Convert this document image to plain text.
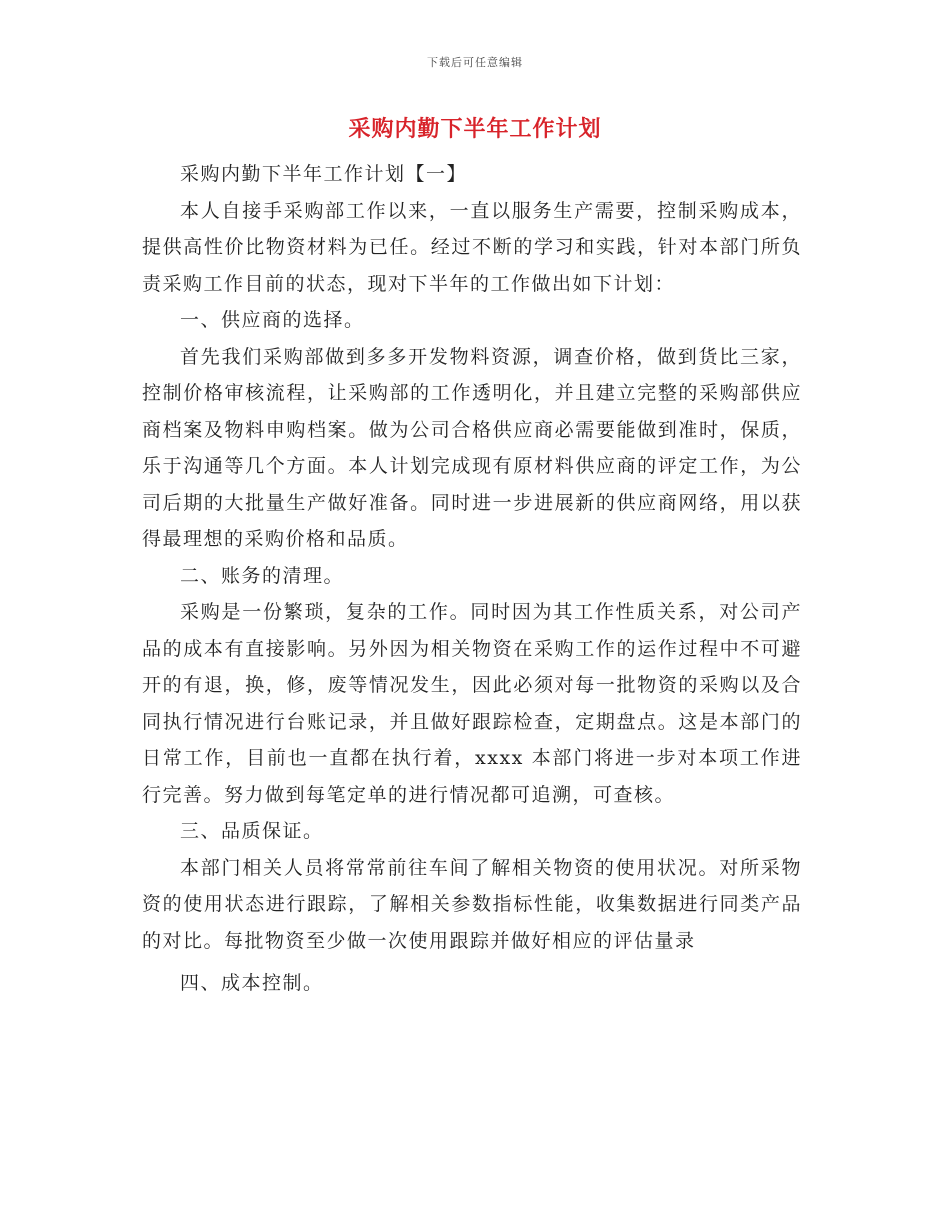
下载后可任意编辑
采购内勤下半年工作计划

采购内勤下半年工作计划【一】

本人自接手采购部工作以来，一直以服务生产需要，控制采购成本，提供高性价比物资材料为已任。经过不断的学习和实践，针对本部门所负责采购工作目前的状态，现对下半年的工作做出如下计划：

一、供应商的选择。

首先我们采购部做到多多开发物料资源，调查价格，做到货比三家，控制价格审核流程，让采购部的工作透明化，并且建立完整的采购部供应商档案及物料申购档案。做为公司合格供应商必需要能做到准时，保质，乐于沟通等几个方面。本人计划完成现有原材料供应商的评定工作，为公司后期的大批量生产做好准备。同时进一步进展新的供应商网络，用以获得最理想的采购价格和品质。

二、账务的清理。

采购是一份繁琐，复杂的工作。同时因为其工作性质关系，对公司产品的成本有直接影响。另外因为相关物资在采购工作的运作过程中不可避开的有退，换，修，废等情况发生，因此必须对每一批物资的采购以及合同执行情况进行台账记录，并且做好跟踪检查，定期盘点。这是本部门的日常工作，目前也一直都在执行着，xxxx 本部门将进一步对本项工作进行完善。努力做到每笔定单的进行情况都可追溯，可查核。

三、品质保证。

本部门相关人员将常常前往车间了解相关物资的使用状况。对所采物资的使用状态进行跟踪，了解相关参数指标性能，收集数据进行同类产品的对比。每批物资至少做一次使用跟踪并做好相应的评估量录

四、成本控制。
